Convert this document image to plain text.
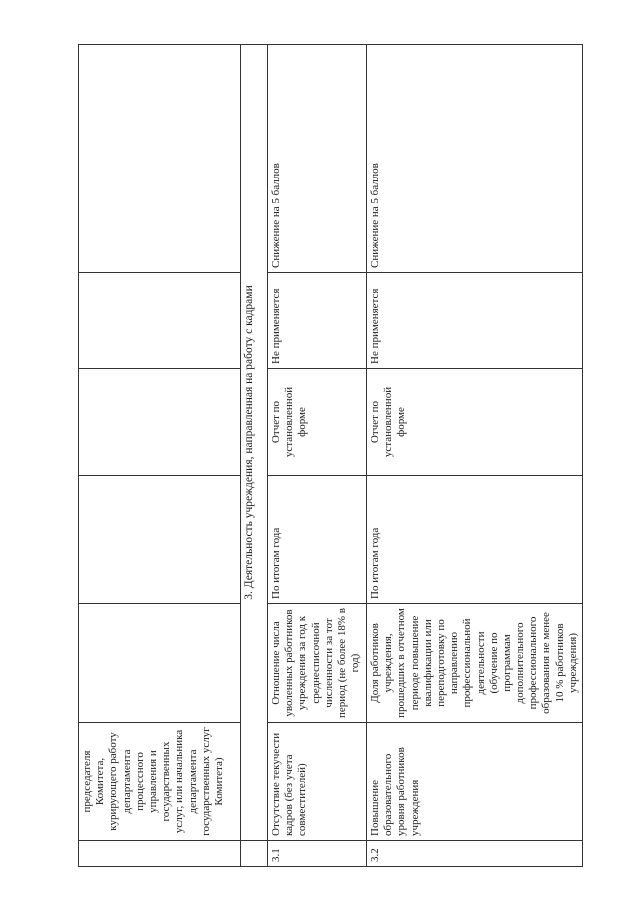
	председателя Комитета, курирующего работу департамента процессного управления и государственных услуг, или начальника департамента государственных услуг Комитета)					
	3. Деятельность учреждения, направленная на работу с кадрами					
3.1	Отсутствие текучести кадров (без учета совместителей)	Отношение числа уволенных работников учреждения за год к среднесписочной численности за тот период (не более 18% в год)	По итогам года	Отчет по установленной форме	Не применяется	Снижение на 5 баллов
3.2	Повышение образовательного уровня работников учреждения	Доля работников учреждения, прошедших в отчетном периоде повышение квалификации или переподготовку по направлению профессиональной деятельности (обучение по программам дополнительного профессионального образования не менее 10 % работников учреждения)	По итогам года	Отчет по установленной форме	Не применяется	Снижение на 5 баллов
